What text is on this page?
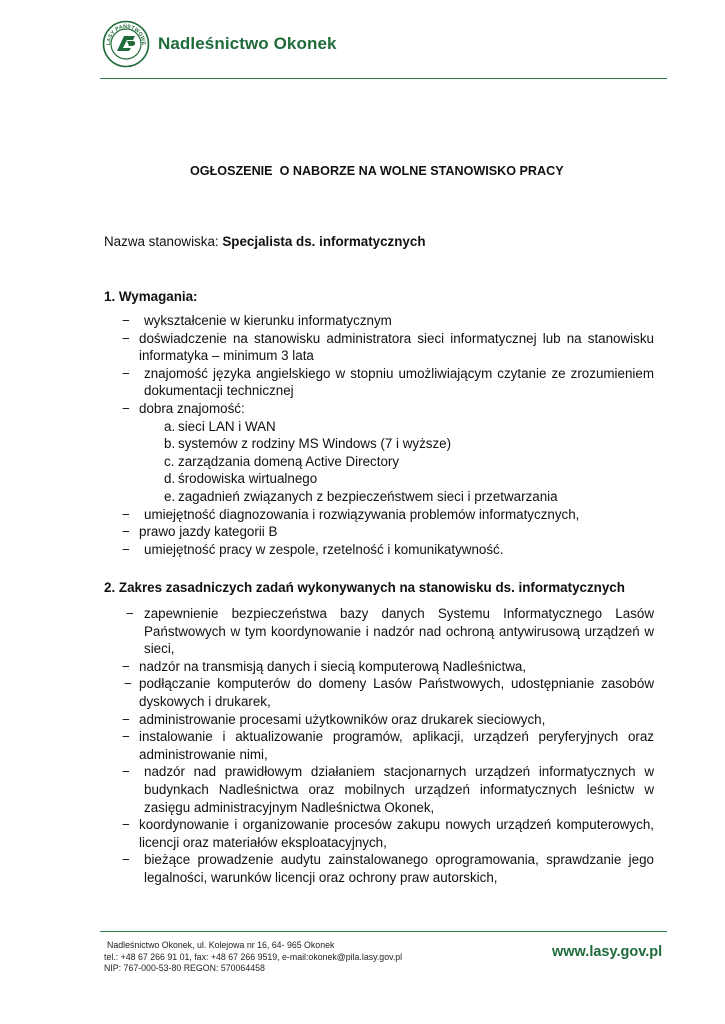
LASY PAŃSTWOWE Nadleśnictwo Okonek
OGŁOSZENIE  O NABORZE NA WOLNE STANOWISKO PRACY
Nazwa stanowiska: Specjalista ds. informatycznych
1. Wymagania:
− wykształcenie w kierunku informatycznym
− doświadczenie na stanowisku administratora sieci informatycznej lub na stanowisku informatyka – minimum 3 lata
− znajomość języka angielskiego w stopniu umożliwiającym czytanie ze zrozumieniem dokumentacji technicznej
− dobra znajomość:
a. sieci LAN i WAN
b. systemów z rodziny MS Windows (7 i wyższe)
c. zarządzania domeną Active Directory
d. środowiska wirtualnego
e. zagadnień związanych z bezpieczeństwem sieci i przetwarzania
− umiejętność diagnozowania i rozwiązywania problemów informatycznych,
− prawo jazdy kategorii B
− umiejętność pracy w zespole, rzetelność i komunikatywność.
2. Zakres zasadniczych zadań wykonywanych na stanowisku ds. informatycznych
− zapewnienie bezpieczeństwa bazy danych Systemu Informatycznego Lasów Państwowych w tym koordynowanie i nadzór nad ochroną antywirusową urządzeń w sieci,
− nadzór na transmisją danych i siecią komputerową Nadleśnictwa,
− podłączanie komputerów do domeny Lasów Państwowych, udostępnianie zasobów dyskowych i drukarek,
− administrowanie procesami użytkowników oraz drukarek sieciowych,
− instalowanie i aktualizowanie programów, aplikacji, urządzeń peryferyjnych oraz administrowanie nimi,
− nadzór nad prawidłowym działaniem stacjonarnych urządzeń informatycznych w budynkach Nadleśnictwa oraz mobilnych urządzeń informatycznych leśnictw w zasięgu administracyjnym Nadleśnictwa Okonek,
− koordynowanie i organizowanie procesów zakupu nowych urządzeń komputerowych, licencji oraz materiałów eksploatacyjnych,
− bieżące prowadzenie audytu zainstalowanego oprogramowania, sprawdzanie jego legalności, warunków licencji oraz ochrony praw autorskich,
Nadleśnictwo Okonek, ul. Kolejowa nr 16, 64- 965 Okonek
tel.: +48 67 266 91 01, fax: +48 67 266 9519, e-mail:okonek@pila.lasy.gov.pl
NIP: 767-000-53-80 REGON: 570064458
www.lasy.gov.pl
